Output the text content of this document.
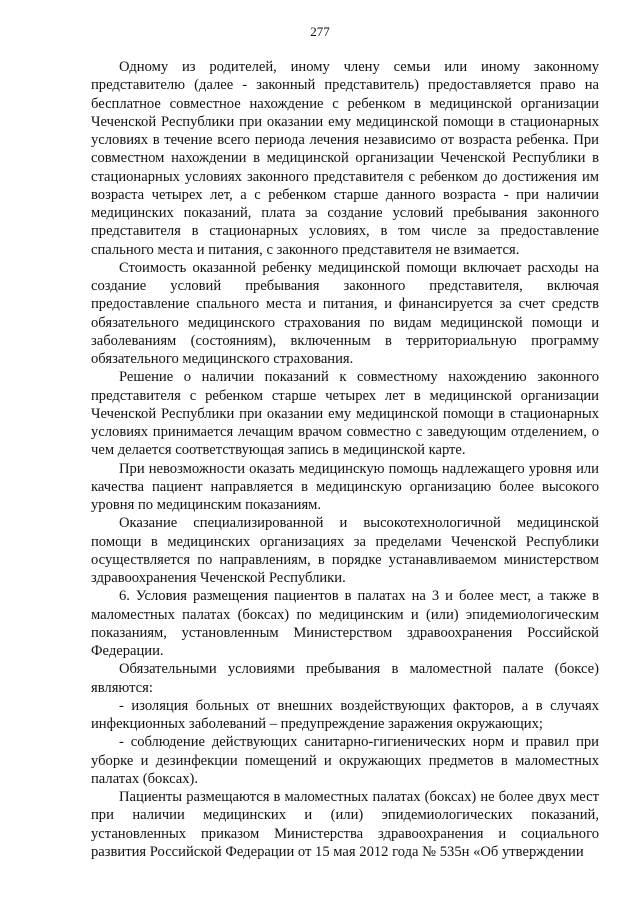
277

Одному из родителей, иному члену семьи или иному законному представителю (далее - законный представитель) предоставляется право на бесплатное совместное нахождение с ребенком в медицинской организации Чеченской Республики при оказании ему медицинской помощи в стационарных условиях в течение всего периода лечения независимо от возраста ребенка. При совместном нахождении в медицинской организации Чеченской Республики в стационарных условиях законного представителя с ребенком до достижения им возраста четырех лет, а с ребенком старше данного возраста - при наличии медицинских показаний, плата за создание условий пребывания законного представителя в стационарных условиях, в том числе за предоставление спального места и питания, с законного представителя не взимается.

Стоимость оказанной ребенку медицинской помощи включает расходы на создание условий пребывания законного представителя, включая предоставление спального места и питания, и финансируется за счет средств обязательного медицинского страхования по видам медицинской помощи и заболеваниям (состояниям), включенным в территориальную программу обязательного медицинского страхования.

Решение о наличии показаний к совместному нахождению законного представителя с ребенком старше четырех лет в медицинской организации Чеченской Республики при оказании ему медицинской помощи в стационарных условиях принимается лечащим врачом совместно с заведующим отделением, о чем делается соответствующая запись в медицинской карте.

При невозможности оказать медицинскую помощь надлежащего уровня или качества пациент направляется в медицинскую организацию более высокого уровня по медицинским показаниям.

Оказание специализированной и высокотехнологичной медицинской помощи в медицинских организациях за пределами Чеченской Республики осуществляется по направлениям, в порядке устанавливаемом министерством здравоохранения Чеченской Республики.

6. Условия размещения пациентов в палатах на 3 и более мест, а также в маломестных палатах (боксах) по медицинским и (или) эпидемиологическим показаниям, установленным Министерством здравоохранения Российской Федерации.

Обязательными условиями пребывания в маломестной палате (боксе) являются:

- изоляция больных от внешних воздействующих факторов, а в случаях инфекционных заболеваний – предупреждение заражения окружающих;

- соблюдение действующих санитарно-гигиенических норм и правил при уборке и дезинфекции помещений и окружающих предметов в маломестных палатах (боксах).

Пациенты размещаются в маломестных палатах (боксах) не более двух мест при наличии медицинских и (или) эпидемиологических показаний, установленных приказом Министерства здравоохранения и социального развития Российской Федерации от 15 мая 2012 года № 535н «Об утверждении
